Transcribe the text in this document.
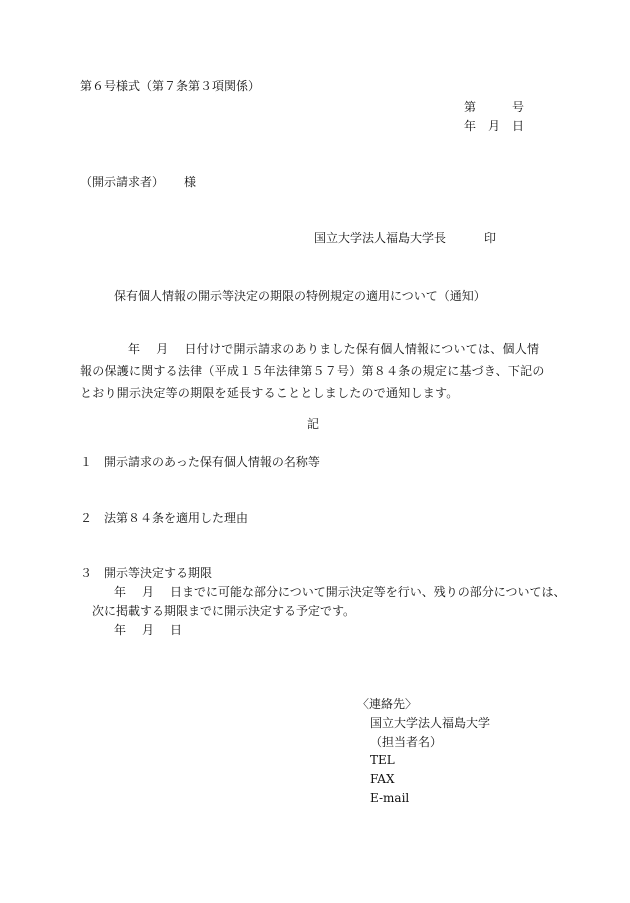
第６号様式（第７条第３項関係）
第	号
年 月 日
（開示請求者） 様
国立大学法人福島大学長	印
保有個人情報の開示等決定の期限の特例規定の適用について（通知）

年 月 日付けで開示請求のありました保有個人情報については、個人情報の保護に関する法律（平成１５年法律第５７号）第８４条の規定に基づき、下記のとおり開示決定等の期限を延長することとしましたので通知します。

記
１ 開示請求のあった保有個人情報の名称等
２ 法第８４条を適用した理由
３ 開示等決定する期限
年 月 日までに可能な部分について開示決定等を行い、残りの部分については、
次に掲載する期限までに開示決定する予定です。
年 月 日
〈連絡先〉
国立大学法人福島大学
（担当者名）
TEL
FAX
E-mail
